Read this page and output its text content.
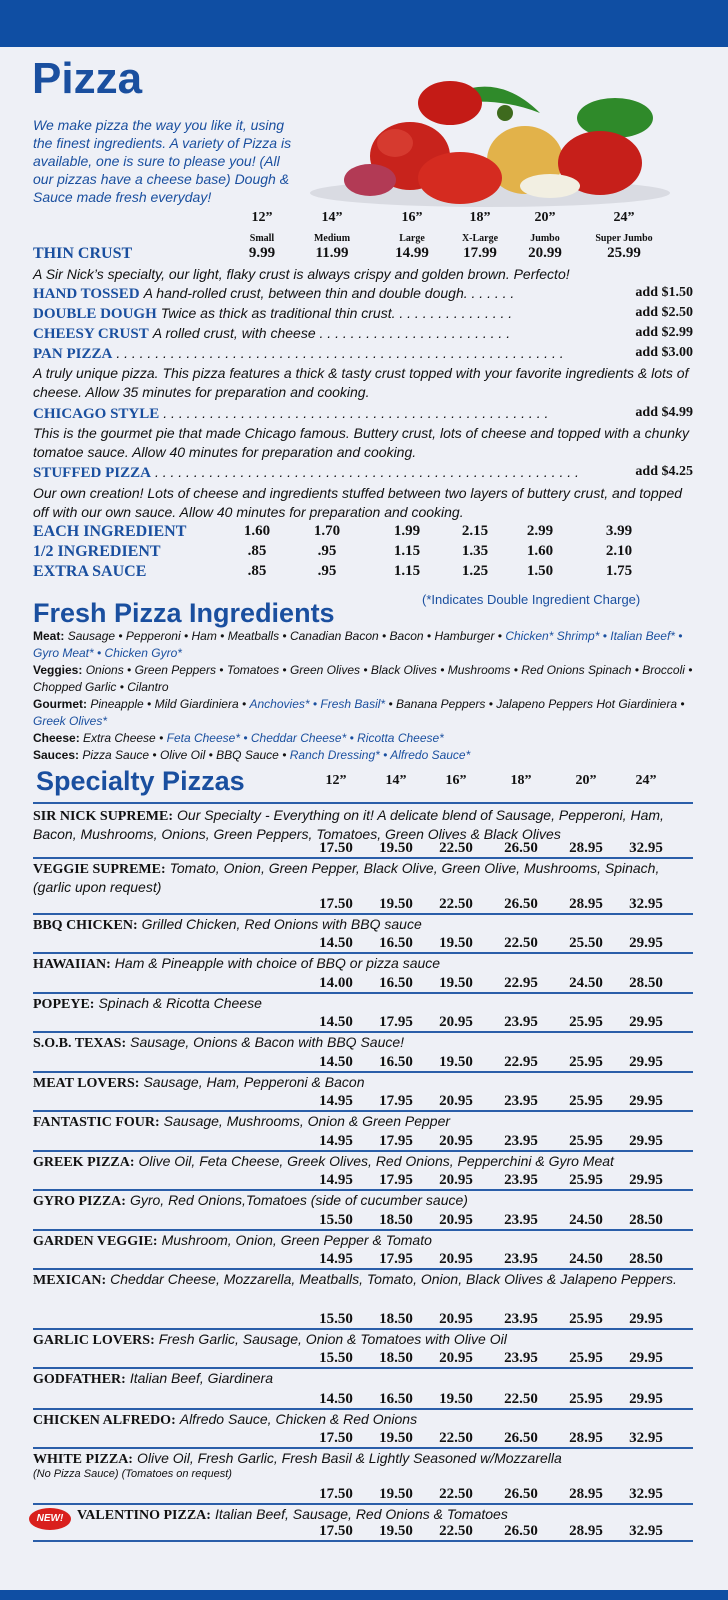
Pizza
We make pizza the way you like it, using the finest ingredients. A variety of Pizza is available, one is sure to please you! (All our pizzas have a cheese base) Dough & Sauce made fresh everyday!
12”	14”	16”	18”	20”	24”
Small	Medium	Large	X-Large	Jumbo	Super Jumbo
THIN CRUST	9.99	11.99	14.99	17.99	20.99	25.99
A Sir Nick’s specialty, our light, flaky crust is always crispy and golden brown. Perfecto!
HAND TOSSED A hand-rolled crust, between thin and double dough. . . . . . .	add $1.50
DOUBLE DOUGH Twice as thick as traditional thin crust. . . . . . . . . . . . . . . .	add $2.50
CHEESY CRUST A rolled crust, with cheese . . . . . . . . . . . . . . . . . . . . . . . . .	add $2.99
PAN PIZZA . . . . . . . . . . . . . . . . . . . . . . . . . . . . . . . . . . . . . . . . . . . . . . . . . . . . . . . . . .	add $3.00
A truly unique pizza. This pizza features a thick & tasty crust topped with your favorite ingredients & lots of cheese. Allow 35 minutes for preparation and cooking.
CHICAGO STYLE . . . . . . . . . . . . . . . . . . . . . . . . . . . . . . . . . . . . . . . . . . . . . . . . . .	add $4.99
This is the gourmet pie that made Chicago famous. Buttery crust, lots of cheese and topped with a chunky tomatoe sauce. Allow 40 minutes for preparation and cooking.
STUFFED PIZZA . . . . . . . . . . . . . . . . . . . . . . . . . . . . . . . . . . . . . . . . . . . . . . . . . . . . . . .	add $4.25
Our own creation! Lots of cheese and ingredients stuffed between two layers of buttery crust, and topped off with our own sauce. Allow 40 minutes for preparation and cooking.
EACH INGREDIENT	1.60	1.70	1.99	2.15	2.99	3.99
1/2 INGREDIENT	.85	.95	1.15	1.35	1.60	2.10
EXTRA SAUCE	.85	.95	1.15	1.25	1.50	1.75
Fresh Pizza Ingredients	(*Indicates Double Ingredient Charge)
Meat: Sausage • Pepperoni • Ham • Meatballs • Canadian Bacon • Bacon • Hamburger • Chicken* Shrimp* • Italian Beef* • Gyro Meat* • Chicken Gyro*
Veggies: Onions • Green Peppers • Tomatoes • Green Olives • Black Olives • Mushrooms • Red Onions Spinach • Broccoli • Chopped Garlic • Cilantro
Gourmet: Pineapple • Mild Giardiniera • Anchovies* • Fresh Basil* • Banana Peppers • Jalapeno Peppers Hot Giardiniera • Greek Olives*
Cheese: Extra Cheese • Feta Cheese* • Cheddar Cheese* • Ricotta Cheese*
Sauces: Pizza Sauce • Olive Oil • BBQ Sauce • Ranch Dressing* • Alfredo Sauce*
Specialty Pizzas	12”	14”	16”	18”	20”	24”
SIR NICK SUPREME: Our Specialty - Everything on it! A delicate blend of Sausage, Pepperoni, Ham, Bacon, Mushrooms, Onions, Green Peppers, Tomatoes, Green Olives & Black Olives
17.50	19.50	22.50	26.50	28.95	32.95
VEGGIE SUPREME: Tomato, Onion, Green Pepper, Black Olive, Green Olive, Mushrooms, Spinach, (garlic upon request)
17.50	19.50	22.50	26.50	28.95	32.95
BBQ CHICKEN: Grilled Chicken, Red Onions with BBQ sauce
14.50	16.50	19.50	22.50	25.50	29.95
HAWAIIAN: Ham & Pineapple with choice of BBQ or pizza sauce
14.00	16.50	19.50	22.95	24.50	28.50
POPEYE: Spinach & Ricotta Cheese
14.50	17.95	20.95	23.95	25.95	29.95
S.O.B. TEXAS: Sausage, Onions & Bacon with BBQ Sauce!
14.50	16.50	19.50	22.95	25.95	29.95
MEAT LOVERS: Sausage, Ham, Pepperoni & Bacon
14.95	17.95	20.95	23.95	25.95	29.95
FANTASTIC FOUR: Sausage, Mushrooms, Onion & Green Pepper
14.95	17.95	20.95	23.95	25.95	29.95
GREEK PIZZA: Olive Oil, Feta Cheese, Greek Olives, Red Onions, Pepperchini & Gyro Meat
14.95	17.95	20.95	23.95	25.95	29.95
GYRO PIZZA: Gyro, Red Onions,Tomatoes (side of cucumber sauce)
15.50	18.50	20.95	23.95	24.50	28.50
GARDEN VEGGIE: Mushroom, Onion, Green Pepper & Tomato
14.95	17.95	20.95	23.95	24.50	28.50
MEXICAN: Cheddar Cheese, Mozzarella, Meatballs, Tomato, Onion, Black Olives & Jalapeno Peppers.
15.50	18.50	20.95	23.95	25.95	29.95
GARLIC LOVERS: Fresh Garlic, Sausage, Onion & Tomatoes with Olive Oil
15.50	18.50	20.95	23.95	25.95	29.95
GODFATHER: Italian Beef, Giardinera
14.50	16.50	19.50	22.50	25.95	29.95
CHICKEN ALFREDO: Alfredo Sauce, Chicken & Red Onions
17.50	19.50	22.50	26.50	28.95	32.95
WHITE PIZZA: Olive Oil, Fresh Garlic, Fresh Basil & Lightly Seasoned w/Mozzarella
(No Pizza Sauce) (Tomatoes on request)
17.50	19.50	22.50	26.50	28.95	32.95
VALENTINO PIZZA: Italian Beef, Sausage, Red Onions & Tomatoes
17.50	19.50	22.50	26.50	28.95	32.95
NEW!
